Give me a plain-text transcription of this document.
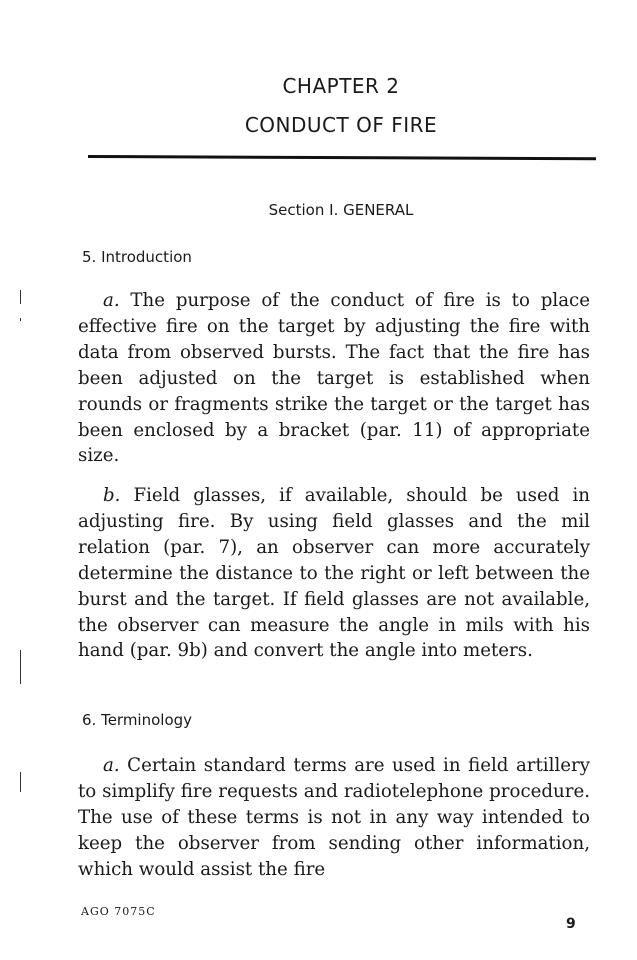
CHAPTER 2
CONDUCT OF FIRE
Section I. GENERAL
5. Introduction
a. The purpose of the conduct of fire is to place effective fire on the target by adjusting the fire with data from observed bursts. The fact that the fire has been adjusted on the target is established when rounds or fragments strike the target or the target has been enclosed by a bracket (par. 11) of appropriate size.
b. Field glasses, if available, should be used in adjusting fire. By using field glasses and the mil relation (par. 7), an observer can more accurately determine the distance to the right or left between the burst and the target. If field glasses are not available, the observer can measure the angle in mils with his hand (par. 9b) and convert the angle into meters.
6. Terminology
a. Certain standard terms are used in field artillery to simplify fire requests and radiotelephone procedure. The use of these terms is not in any way intended to keep the observer from sending other information, which would assist the fire
AGO 7075C
9
